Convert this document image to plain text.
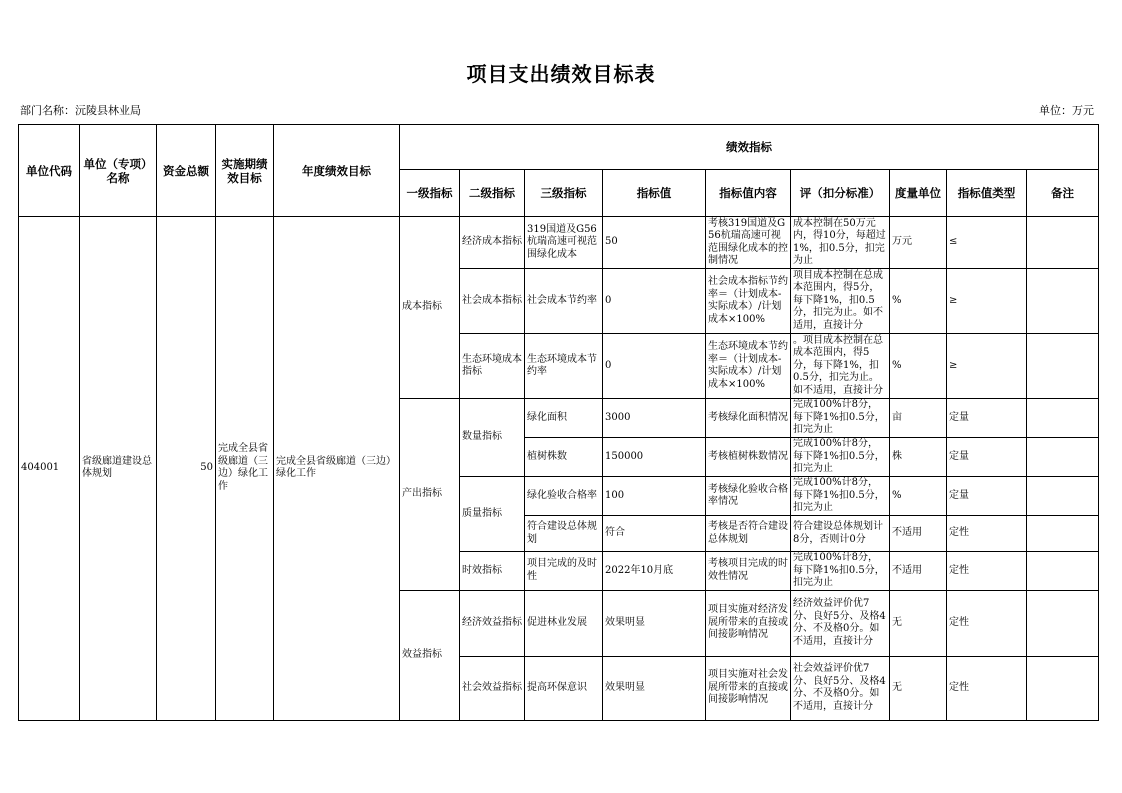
项目支出绩效目标表
部门名称：沅陵县林业局	单位：万元
单位代码	单位（专项）名称	资金总额	实施期绩效目标	年度绩效目标	绩效指标								
					一级指标	二级指标	三级指标	指标值	指标值内容	评（扣分标准）	度量单位	指标值类型	备注
404001	省级廊道建设总体规划	50	完成全县省级廊道（三边）绿化工作	完成全县省级廊道（三边）绿化工作	成本指标	经济成本指标	319国道及G56杭瑞高速可视范围绿化成本	50	考核319国道及G56杭瑞高速可视范围绿化成本的控制情况	成本控制在50万元内，得10分，每超过1%，扣0.5分，扣完为止	万元	≤	
						社会成本指标	社会成本节约率	0	社会成本指标节约率＝（计划成本-实际成本）/计划成本×100%	项目成本控制在总成本范围内，得5分，每下降1%，扣0.5分，扣完为止。如不适用，直接计分	%	≥	
						生态环境成本指标	生态环境成本节约率	0	生态环境成本节约率＝（计划成本-实际成本）/计划成本×100%	。项目成本控制在总成本范围内，得5分，每下降1%，扣0.5分，扣完为止。如不适用，直接计分	%	≥	
					产出指标	数量指标	绿化面积	3000	考核绿化面积情况	完成100%计8分，每下降1%扣0.5分，扣完为止	亩	定量	
							植树株数	150000	考核植树株数情况	完成100%计8分，每下降1%扣0.5分，扣完为止	株	定量	
						质量指标	绿化验收合格率	100	考核绿化验收合格率情况	完成100%计8分，每下降1%扣0.5分，扣完为止	%	定量	
							符合建设总体规划	符合	考核是否符合建设总体规划	符合建设总体规划计8分，否则计0分	不适用	定性	
						时效指标	项目完成的及时性	2022年10月底	考核项目完成的时效性情况	完成100%计8分，每下降1%扣0.5分，扣完为止	不适用	定性	
					效益指标	经济效益指标	促进林业发展	效果明显	项目实施对经济发展所带来的直接或间接影响情况	经济效益评价优7分、良好5分、及格4分、不及格0分。如不适用，直接计分	无	定性	
						社会效益指标	提高环保意识	效果明显	项目实施对社会发展所带来的直接或间接影响情况	社会效益评价优7分、良好5分、及格4分、不及格0分。如不适用，直接计分	无	定性	
